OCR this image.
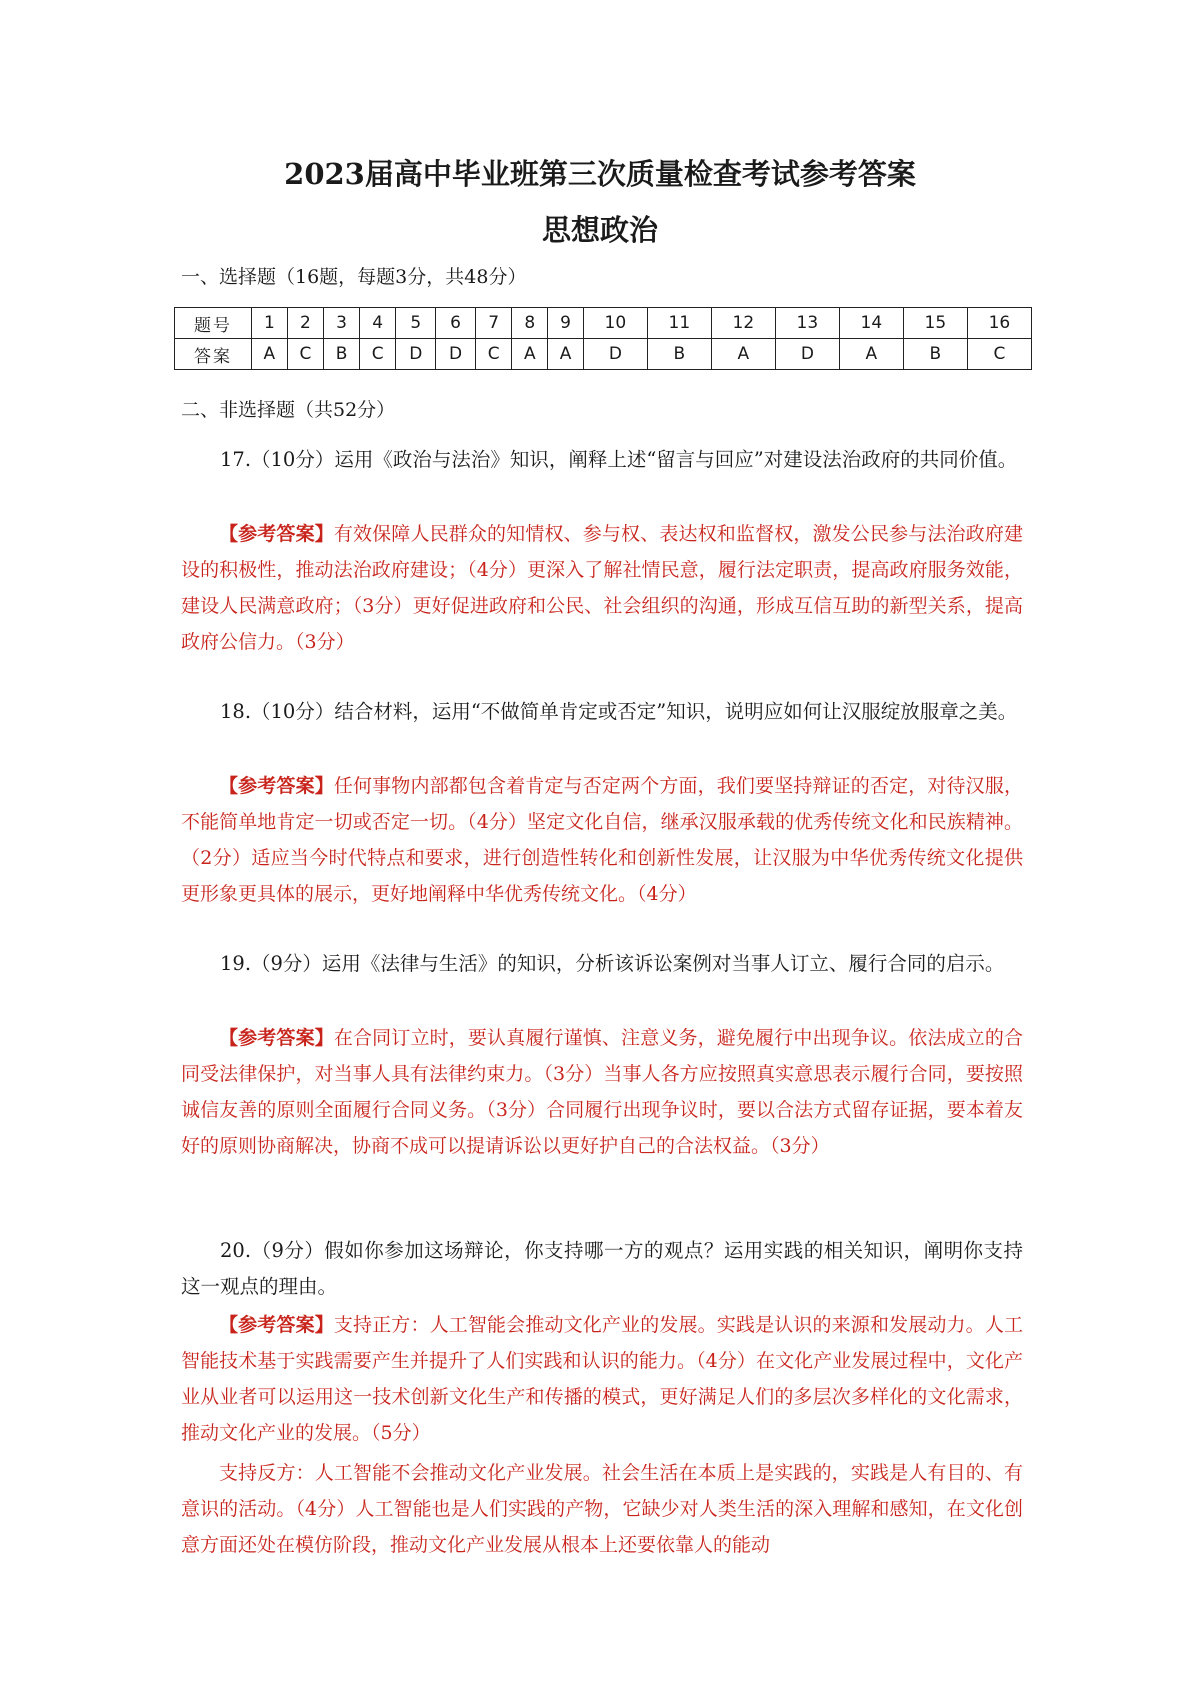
2023届高中毕业班第三次质量检查考试参考答案
思想政治
一、选择题（16题，每题3分，共48分）
题号	1	2	3	4	5	6	7	8	9	10	11	12	13	14	15	16
答案	A	C	B	C	D	D	C	A	A	D	B	A	D	A	B	C
二、非选择题（共52分）
17.（10分）运用《政治与法治》知识，阐释上述“留言与回应”对建设法治政府的共同价值。
【参考答案】有效保障人民群众的知情权、参与权、表达权和监督权，激发公民参与法治政府建设的积极性，推动法治政府建设；（4分）更深入了解社情民意，履行法定职责，提高政府服务效能，建设人民满意政府；（3分）更好促进政府和公民、社会组织的沟通，形成互信互助的新型关系，提高政府公信力。（3分）
18.（10分）结合材料，运用“不做简单肯定或否定”知识，说明应如何让汉服绽放服章之美。
【参考答案】任何事物内部都包含着肯定与否定两个方面，我们要坚持辩证的否定，对待汉服，不能简单地肯定一切或否定一切。（4分）坚定文化自信，继承汉服承载的优秀传统文化和民族精神。（2分）适应当今时代特点和要求，进行创造性转化和创新性发展，让汉服为中华优秀传统文化提供更形象更具体的展示，更好地阐释中华优秀传统文化。（4分）
19.（9分）运用《法律与生活》的知识，分析该诉讼案例对当事人订立、履行合同的启示。
【参考答案】在合同订立时，要认真履行谨慎、注意义务，避免履行中出现争议。依法成立的合同受法律保护，对当事人具有法律约束力。（3分）当事人各方应按照真实意思表示履行合同，要按照诚信友善的原则全面履行合同义务。（3分）合同履行出现争议时，要以合法方式留存证据，要本着友好的原则协商解决，协商不成可以提请诉讼以更好护自己的合法权益。（3分）
20.（9分）假如你参加这场辩论，你支持哪一方的观点？运用实践的相关知识，阐明你支持这一观点的理由。
【参考答案】支持正方：人工智能会推动文化产业的发展。实践是认识的来源和发展动力。人工智能技术基于实践需要产生并提升了人们实践和认识的能力。（4分）在文化产业发展过程中，文化产业从业者可以运用这一技术创新文化生产和传播的模式，更好满足人们的多层次多样化的文化需求，推动文化产业的发展。（5分）
支持反方：人工智能不会推动文化产业发展。社会生活在本质上是实践的，实践是人有目的、有意识的活动。（4分）人工智能也是人们实践的产物，它缺少对人类生活的深入理解和感知，在文化创意方面还处在模仿阶段，推动文化产业发展从根本上还要依靠人的能动
